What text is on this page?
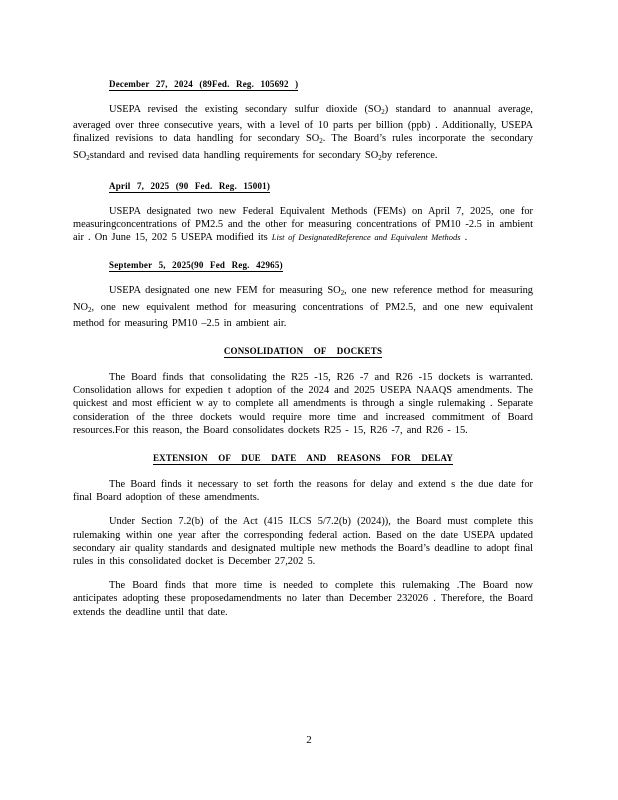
December 27, 2024 (89Fed. Reg. 105692 )

USEPA revised the existing secondary sulfur dioxide $(SO_2)$ standard to anannual average, averaged over three consecutive years, with a level of 10 parts per billion (ppb) . Additionally, USEPA finalized revisions to data handling for secondary $SO_2$. The Board’s rules incorporate the secondary $SO_2standard$ and revised data handling requirements for secondary $SO_2by$ reference.

April 7, 2025 (90 Fed. Reg. 15001)

USEPA designated two new Federal Equivalent Methods (FEMs) on April 7, 2025, one for measuringconcentrations of PM2.5 and the other for measuring concentrations of PM10 -2.5 in ambient air . On June 15, 202 5 USEPA modified its List of DesignatedReference and Equivalent Methods .

September 5, 2025(90 Fed Reg. 42965)

USEPA designated one new FEM for measuring $SO_2$, one new reference method for measuring $NO_2$, one new equivalent method for measuring concentrations of PM2.5, and one new equivalent method for measuring PM10 –2.5 in ambient air.

CONSOLIDATION OF DOCKETS

The Board finds that consolidating the R25 -15, R26 -7 and R26 -15 dockets is warranted. Consolidation allows for expedien t adoption of the 2024 and 2025 USEPA NAAQS amendments. The quickest and most efficient w ay to complete all amendments is through a single rulemaking . Separate consideration of the three dockets would require more time and increased commitment of Board resources.For this reason, the Board consolidates dockets R25 - 15, R26 -7, and R26 - 15.

EXTENSION OF DUE DATE AND REASONS FOR DELAY

The Board finds it necessary to set forth the reasons for delay and extend s the due date for final Board adoption of these amendments.

Under Section 7.2(b) of the Act (415 ILCS 5/7.2(b) (2024)), the Board must complete this rulemaking within one year after the corresponding federal action. Based on the date USEPA updated secondary air quality standards and designated multiple new methods the Board’s deadline to adopt final rules in this consolidated docket is December 27,202 5.

The Board finds that more time is needed to complete this rulemaking .The Board now anticipates adopting these proposedamendments no later than December 232026 . Therefore, the Board extends the deadline until that date.

2
